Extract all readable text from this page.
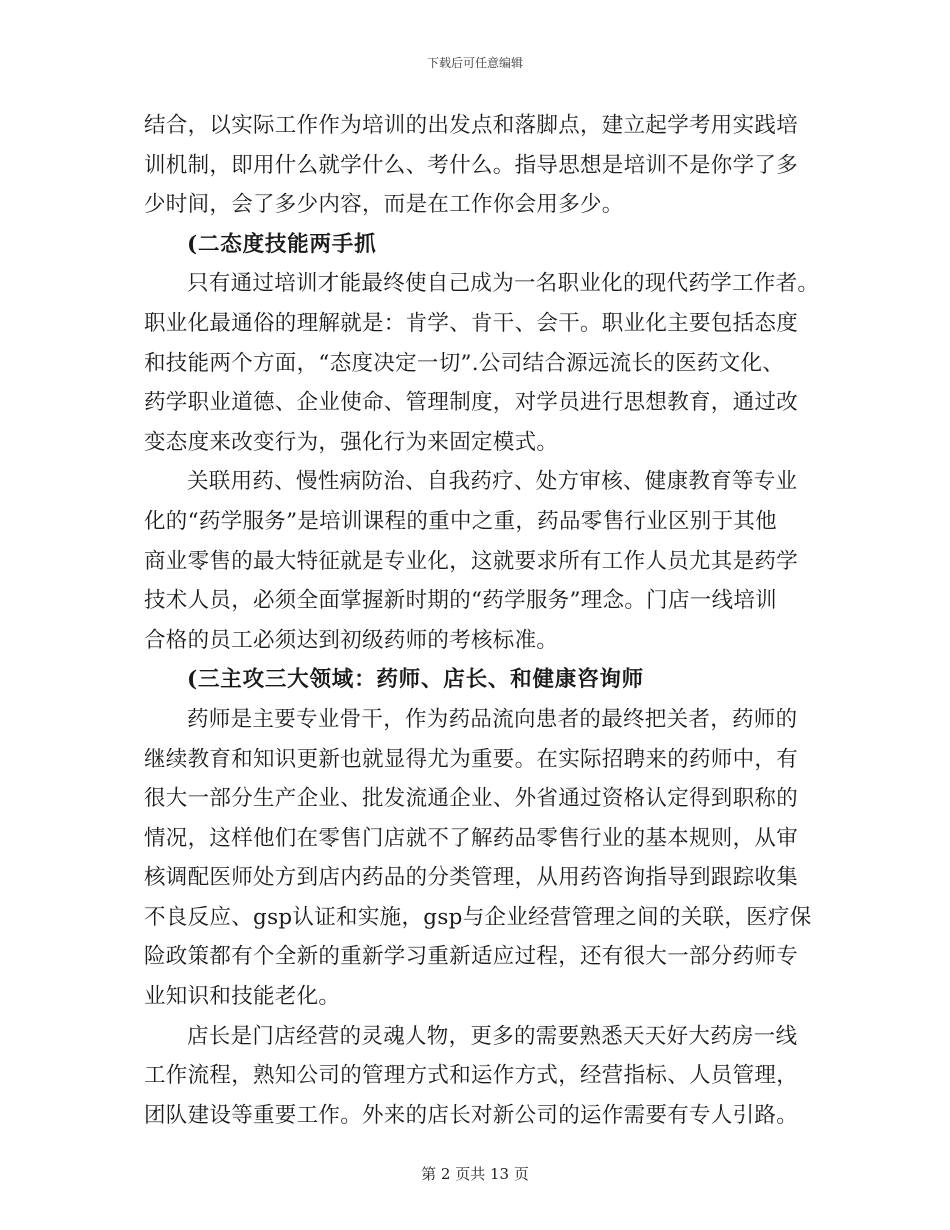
下载后可任意编辑
结合，以实际工作作为培训的出发点和落脚点，建立起学考用实践培
训机制，即用什么就学什么、考什么。指导思想是培训不是你学了多
少时间，会了多少内容，而是在工作你会用多少。
(二态度技能两手抓
只有通过培训才能最终使自己成为一名职业化的现代药学工作者。
职业化最通俗的理解就是：肯学、肯干、会干。职业化主要包括态度
和技能两个方面，“态度决定一切”.公司结合源远流长的医药文化、
药学职业道德、企业使命、管理制度，对学员进行思想教育，通过改
变态度来改变行为，强化行为来固定模式。
关联用药、慢性病防治、自我药疗、处方审核、健康教育等专业
化的“药学服务”是培训课程的重中之重，药品零售行业区别于其他
商业零售的最大特征就是专业化，这就要求所有工作人员尤其是药学
技术人员，必须全面掌握新时期的“药学服务”理念。门店一线培训
合格的员工必须达到初级药师的考核标准。
(三主攻三大领域：药师、店长、和健康咨询师
药师是主要专业骨干，作为药品流向患者的最终把关者，药师的
继续教育和知识更新也就显得尤为重要。在实际招聘来的药师中，有
很大一部分生产企业、批发流通企业、外省通过资格认定得到职称的
情况，这样他们在零售门店就不了解药品零售行业的基本规则，从审
核调配医师处方到店内药品的分类管理，从用药咨询指导到跟踪收集
不良反应、gsp认证和实施，gsp与企业经营管理之间的关联，医疗保
险政策都有个全新的重新学习重新适应过程，还有很大一部分药师专
业知识和技能老化。
店长是门店经营的灵魂人物，更多的需要熟悉天天好大药房一线
工作流程，熟知公司的管理方式和运作方式，经营指标、人员管理，
团队建设等重要工作。外来的店长对新公司的运作需要有专人引路。
第 2 页共 13 页
